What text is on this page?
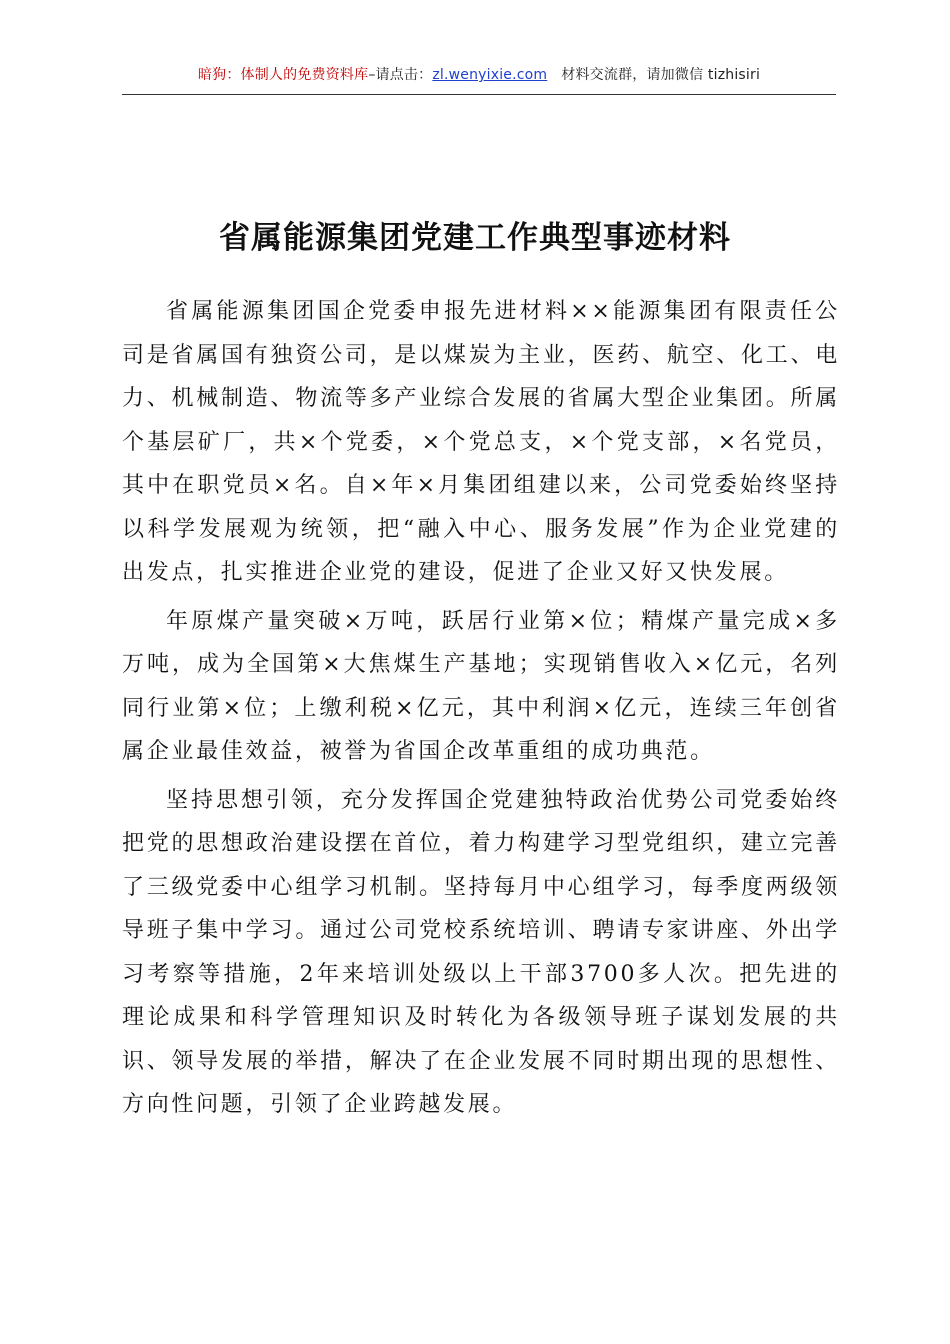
暗狗：体制人的免费资料库–请点击：zl.wenyixie.com 材料交流群，请加微信 tizhisiri
省属能源集团党建工作典型事迹材料

省属能源集团国企党委申报先进材料××能源集团有限责任公司是省属国有独资公司，是以煤炭为主业，医药、航空、化工、电力、机械制造、物流等多产业综合发展的省属大型企业集团。所属个基层矿厂，共×个党委，×个党总支，×个党支部，×名党员，其中在职党员×名。自×年×月集团组建以来，公司党委始终坚持以科学发展观为统领，把“融入中心、服务发展”作为企业党建的出发点，扎实推进企业党的建设，促进了企业又好又快发展。

年原煤产量突破×万吨，跃居行业第×位；精煤产量完成×多万吨，成为全国第×大焦煤生产基地；实现销售收入×亿元，名列同行业第×位；上缴利税×亿元，其中利润×亿元，连续三年创省属企业最佳效益，被誉为省国企改革重组的成功典范。

坚持思想引领，充分发挥国企党建独特政治优势公司党委始终把党的思想政治建设摆在首位，着力构建学习型党组织，建立完善了三级党委中心组学习机制。坚持每月中心组学习，每季度两级领导班子集中学习。通过公司党校系统培训、聘请专家讲座、外出学习考察等措施，2年来培训处级以上干部3700多人次。把先进的理论成果和科学管理知识及时转化为各级领导班子谋划发展的共识、领导发展的举措，解决了在企业发展不同时期出现的思想性、方向性问题，引领了企业跨越发展。
